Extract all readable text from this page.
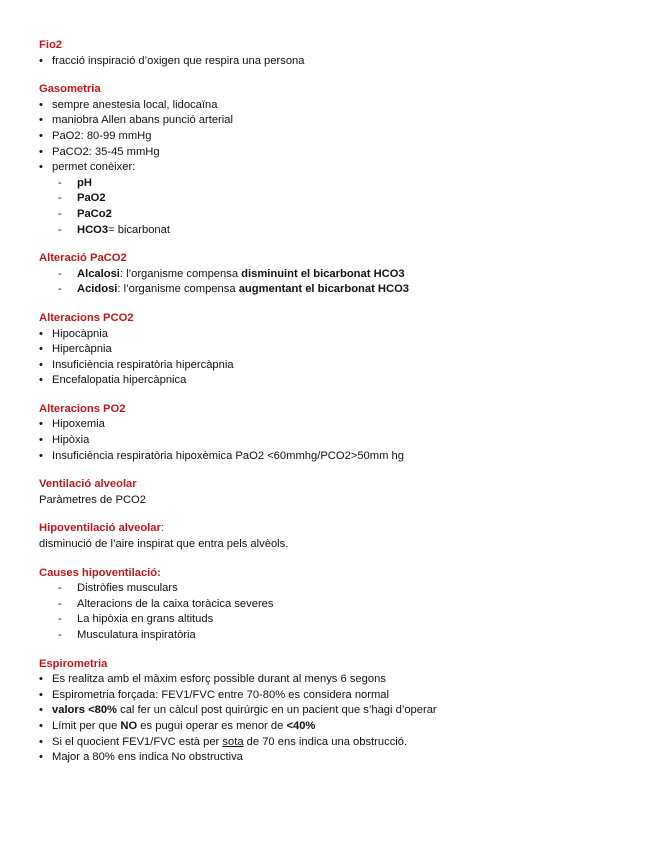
Fio2
• fracció inspiració d’oxigen que respira una persona
Gasometria
• sempre anestesia local, lidocaïna
• maniobra Allen abans punció arterial
• PaO2: 80-99 mmHg
• PaCO2: 35-45 mmHg
• permet conèixer:
- pH
- PaO2
- PaCo2
- HCO3= bicarbonat
Alteració PaCO2
- Alcalosi: l’organisme compensa disminuint el bicarbonat HCO3
- Acidosi: l’organisme compensa augmentant el bicarbonat HCO3
Alteracions PCO2
• Hipocàpnia
• Hipercàpnia
• Insuficiència respiratòria hipercàpnia
• Encefalopatia hipercàpnica
Alteracions PO2
• Hipoxemia
• Hipòxia
• Insuficiència respiratòria hipoxèmica PaO2 <60mmhg/PCO2>50mm hg
Ventilació alveolar
Paràmetres de PCO2
Hipoventilació alveolar:
disminució de l’aire inspirat que entra pels alvèols.
Causes hipoventilació:
- Distròfies musculars
- Alteracions de la caixa toràcica severes
- La hipòxia en grans altituds
- Musculatura inspiratòria
Espirometria
• Es realitza amb el màxim esforç possible durant al menys 6 segons
• Espirometria forçada: FEV1/FVC entre 70-80% es considera normal
• valors <80% cal fer un càlcul post quirúrgic en un pacient que s’hagi d’operar
• Límit per que NO es pugui operar es menor de <40%
• Si el quocient FEV1/FVC està per sota de 70 ens indica una obstrucció.
• Major a 80% ens indica No obstructiva
